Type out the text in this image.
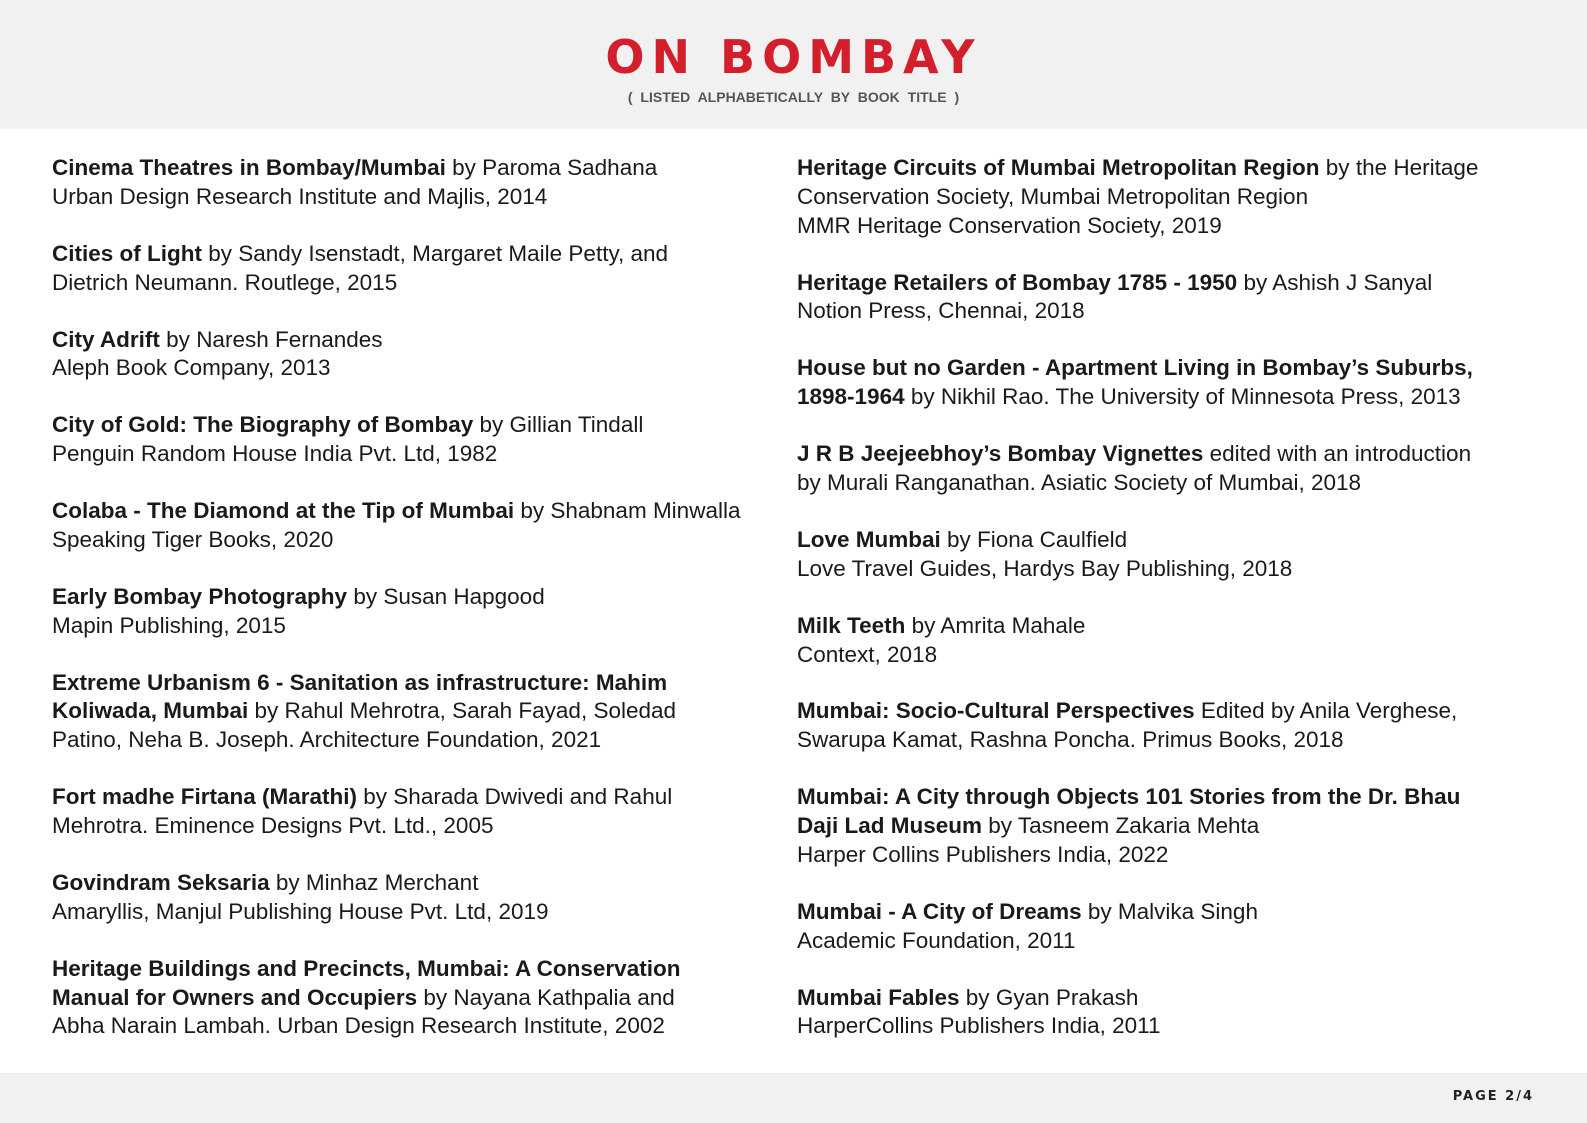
ON BOMBAY
( LISTED ALPHABETICALLY BY BOOK TITLE )
Cinema Theatres in Bombay/Mumbai by Paroma Sadhana
Urban Design Research Institute and Majlis, 2014
Cities of Light by Sandy Isenstadt, Margaret Maile Petty, and
Dietrich Neumann. Routlege, 2015
City Adrift by Naresh Fernandes
Aleph Book Company, 2013
City of Gold: The Biography of Bombay by Gillian Tindall
Penguin Random House India Pvt. Ltd, 1982
Colaba - The Diamond at the Tip of Mumbai by Shabnam Minwalla
Speaking Tiger Books, 2020
Early Bombay Photography by Susan Hapgood
Mapin Publishing, 2015
Extreme Urbanism 6 - Sanitation as infrastructure: Mahim
Koliwada, Mumbai by Rahul Mehrotra, Sarah Fayad, Soledad
Patino, Neha B. Joseph. Architecture Foundation, 2021
Fort madhe Firtana (Marathi) by Sharada Dwivedi and Rahul
Mehrotra. Eminence Designs Pvt. Ltd., 2005
Govindram Seksaria by Minhaz Merchant
Amaryllis, Manjul Publishing House Pvt. Ltd, 2019
Heritage Buildings and Precincts, Mumbai: A Conservation
Manual for Owners and Occupiers by Nayana Kathpalia and
Abha Narain Lambah. Urban Design Research Institute, 2002
Heritage Circuits of Mumbai Metropolitan Region by the Heritage
Conservation Society, Mumbai Metropolitan Region
MMR Heritage Conservation Society, 2019
Heritage Retailers of Bombay 1785 - 1950 by Ashish J Sanyal
Notion Press, Chennai, 2018
House but no Garden - Apartment Living in Bombay’s Suburbs,
1898-1964 by Nikhil Rao. The University of Minnesota Press, 2013
J R B Jeejeebhoy’s Bombay Vignettes edited with an introduction
by Murali Ranganathan. Asiatic Society of Mumbai, 2018
Love Mumbai by Fiona Caulfield
Love Travel Guides, Hardys Bay Publishing, 2018
Milk Teeth by Amrita Mahale
Context, 2018
Mumbai: Socio-Cultural Perspectives Edited by Anila Verghese,
Swarupa Kamat, Rashna Poncha. Primus Books, 2018
Mumbai: A City through Objects 101 Stories from the Dr. Bhau
Daji Lad Museum by Tasneem Zakaria Mehta
Harper Collins Publishers India, 2022
Mumbai - A City of Dreams by Malvika Singh
Academic Foundation, 2011
Mumbai Fables by Gyan Prakash
HarperCollins Publishers India, 2011
PAGE 2/4
